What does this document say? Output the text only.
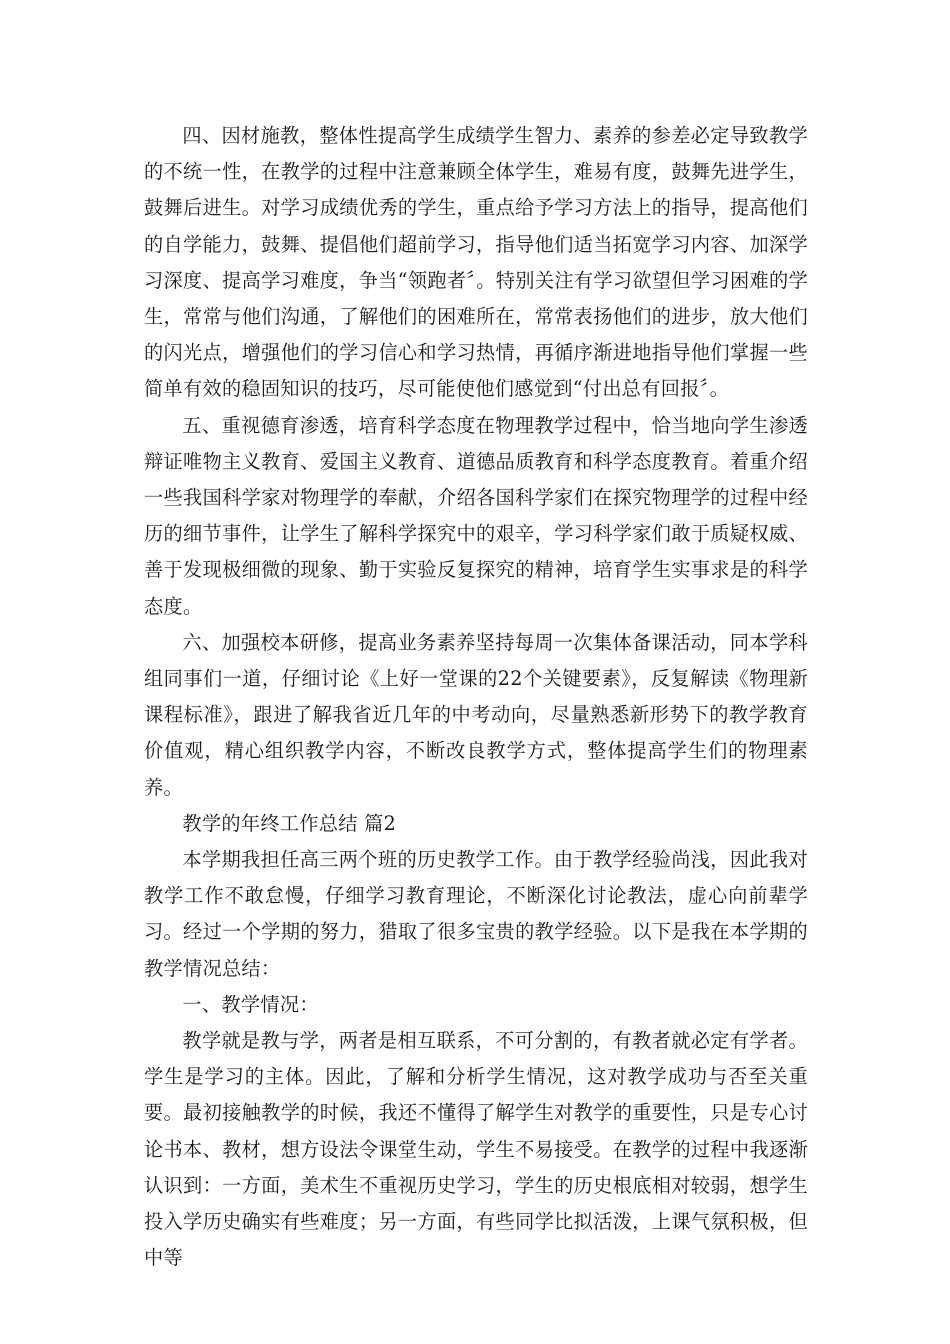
四、因材施教，整体性提高学生成绩学生智力、素养的参差必定导致教学的不统一性，在教学的过程中注意兼顾全体学生，难易有度，鼓舞先进学生，鼓舞后进生。对学习成绩优秀的学生，重点给予学习方法上的指导，提高他们的自学能力，鼓舞、提倡他们超前学习，指导他们适当拓宽学习内容、加深学习深度、提高学习难度，争当“领跑者〞。特别关注有学习欲望但学习困难的学生，常常与他们沟通，了解他们的困难所在，常常表扬他们的进步，放大他们的闪光点，增强他们的学习信心和学习热情，再循序渐进地指导他们掌握一些简单有效的稳固知识的技巧，尽可能使他们感觉到“付出总有回报〞。

五、重视德育渗透，培育科学态度在物理教学过程中，恰当地向学生渗透辩证唯物主义教育、爱国主义教育、道德品质教育和科学态度教育。着重介绍一些我国科学家对物理学的奉献，介绍各国科学家们在探究物理学的过程中经历的细节事件，让学生了解科学探究中的艰辛，学习科学家们敢于质疑权威、善于发现极细微的现象、勤于实验反复探究的精神，培育学生实事求是的科学态度。

六、加强校本研修，提高业务素养坚持每周一次集体备课活动，同本学科组同事们一道，仔细讨论《上好一堂课的22个关键要素》，反复解读《物理新课程标准》，跟进了解我省近几年的中考动向，尽量熟悉新形势下的教学教育价值观，精心组织教学内容，不断改良教学方式，整体提高学生们的物理素养。

教学的年终工作总结 篇2

本学期我担任高三两个班的历史教学工作。由于教学经验尚浅，因此我对教学工作不敢怠慢，仔细学习教育理论，不断深化讨论教法，虚心向前辈学习。经过一个学期的努力，猎取了很多宝贵的教学经验。以下是我在本学期的教学情况总结：

一、教学情况：

教学就是教与学，两者是相互联系，不可分割的，有教者就必定有学者。学生是学习的主体。因此，了解和分析学生情况，这对教学成功与否至关重要。最初接触教学的时候，我还不懂得了解学生对教学的重要性，只是专心讨论书本、教材，想方设法令课堂生动，学生不易接受。在教学的过程中我逐渐认识到：一方面，美术生不重视历史学习，学生的历史根底相对较弱，想学生投入学历史确实有些难度；另一方面，有些同学比拟活泼，上课气氛积极，但中等
